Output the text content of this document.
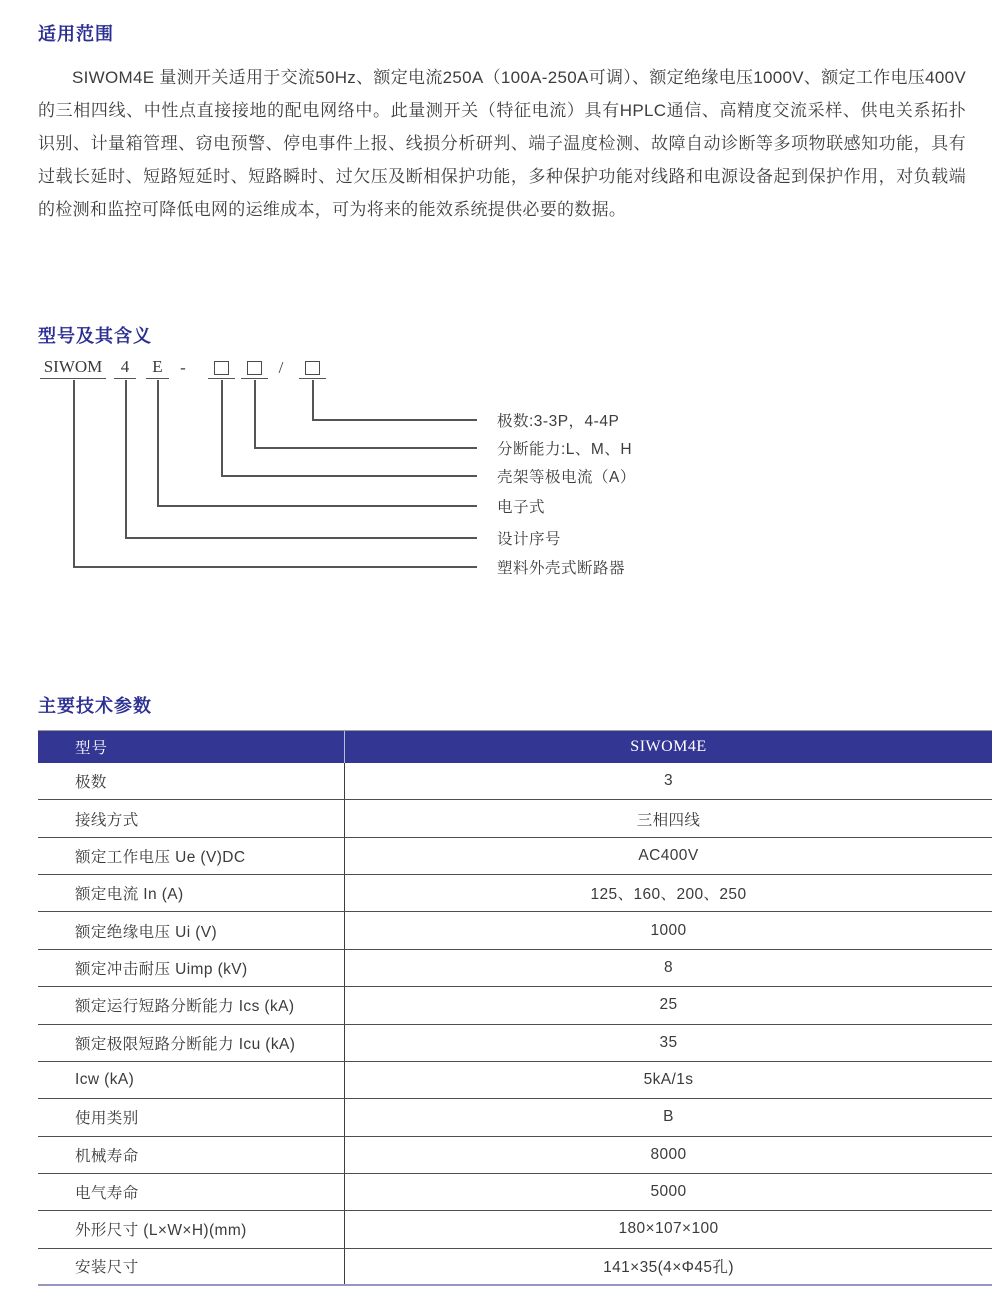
适用范围
SIWOM4E 量测开关适用于交流50Hz、额定电流250A（100A-250A可调）、额定绝缘电压1000V、额定工作电压400V的三相四线、中性点直接接地的配电网络中。此量测开关（特征电流）具有HPLC通信、高精度交流采样、供电关系拓扑识别、计量箱管理、窃电预警、停电事件上报、线损分析研判、端子温度检测、故障自动诊断等多项物联感知功能，具有过载长延时、短路短延时、短路瞬时、过欠压及断相保护功能，多种保护功能对线路和电源设备起到保护作用，对负载端的检测和监控可降低电网的运维成本，可为将来的能效系统提供必要的数据。
型号及其含义
SIWOM	4	E	-	/
极数:3-3P，4-4P
分断能力:L、M、H
壳架等极电流（A）
电子式
设计序号
塑料外壳式断路器
主要技术参数
型号	SIWOM4E
极数	3
接线方式	三相四线
额定工作电压 Ue (V)DC	AC400V
额定电流 In (A)	125、160、200、250
额定绝缘电压 Ui (V)	1000
额定冲击耐压 Uimp (kV)	8
额定运行短路分断能力 Ics (kA)	25
额定极限短路分断能力 Icu (kA)	35
Icw (kA)	5kA/1s
使用类别	B
机械寿命	8000
电气寿命	5000
外形尺寸 (L×W×H)(mm)	180×107×100
安装尺寸	141×35(4×Φ45孔)
